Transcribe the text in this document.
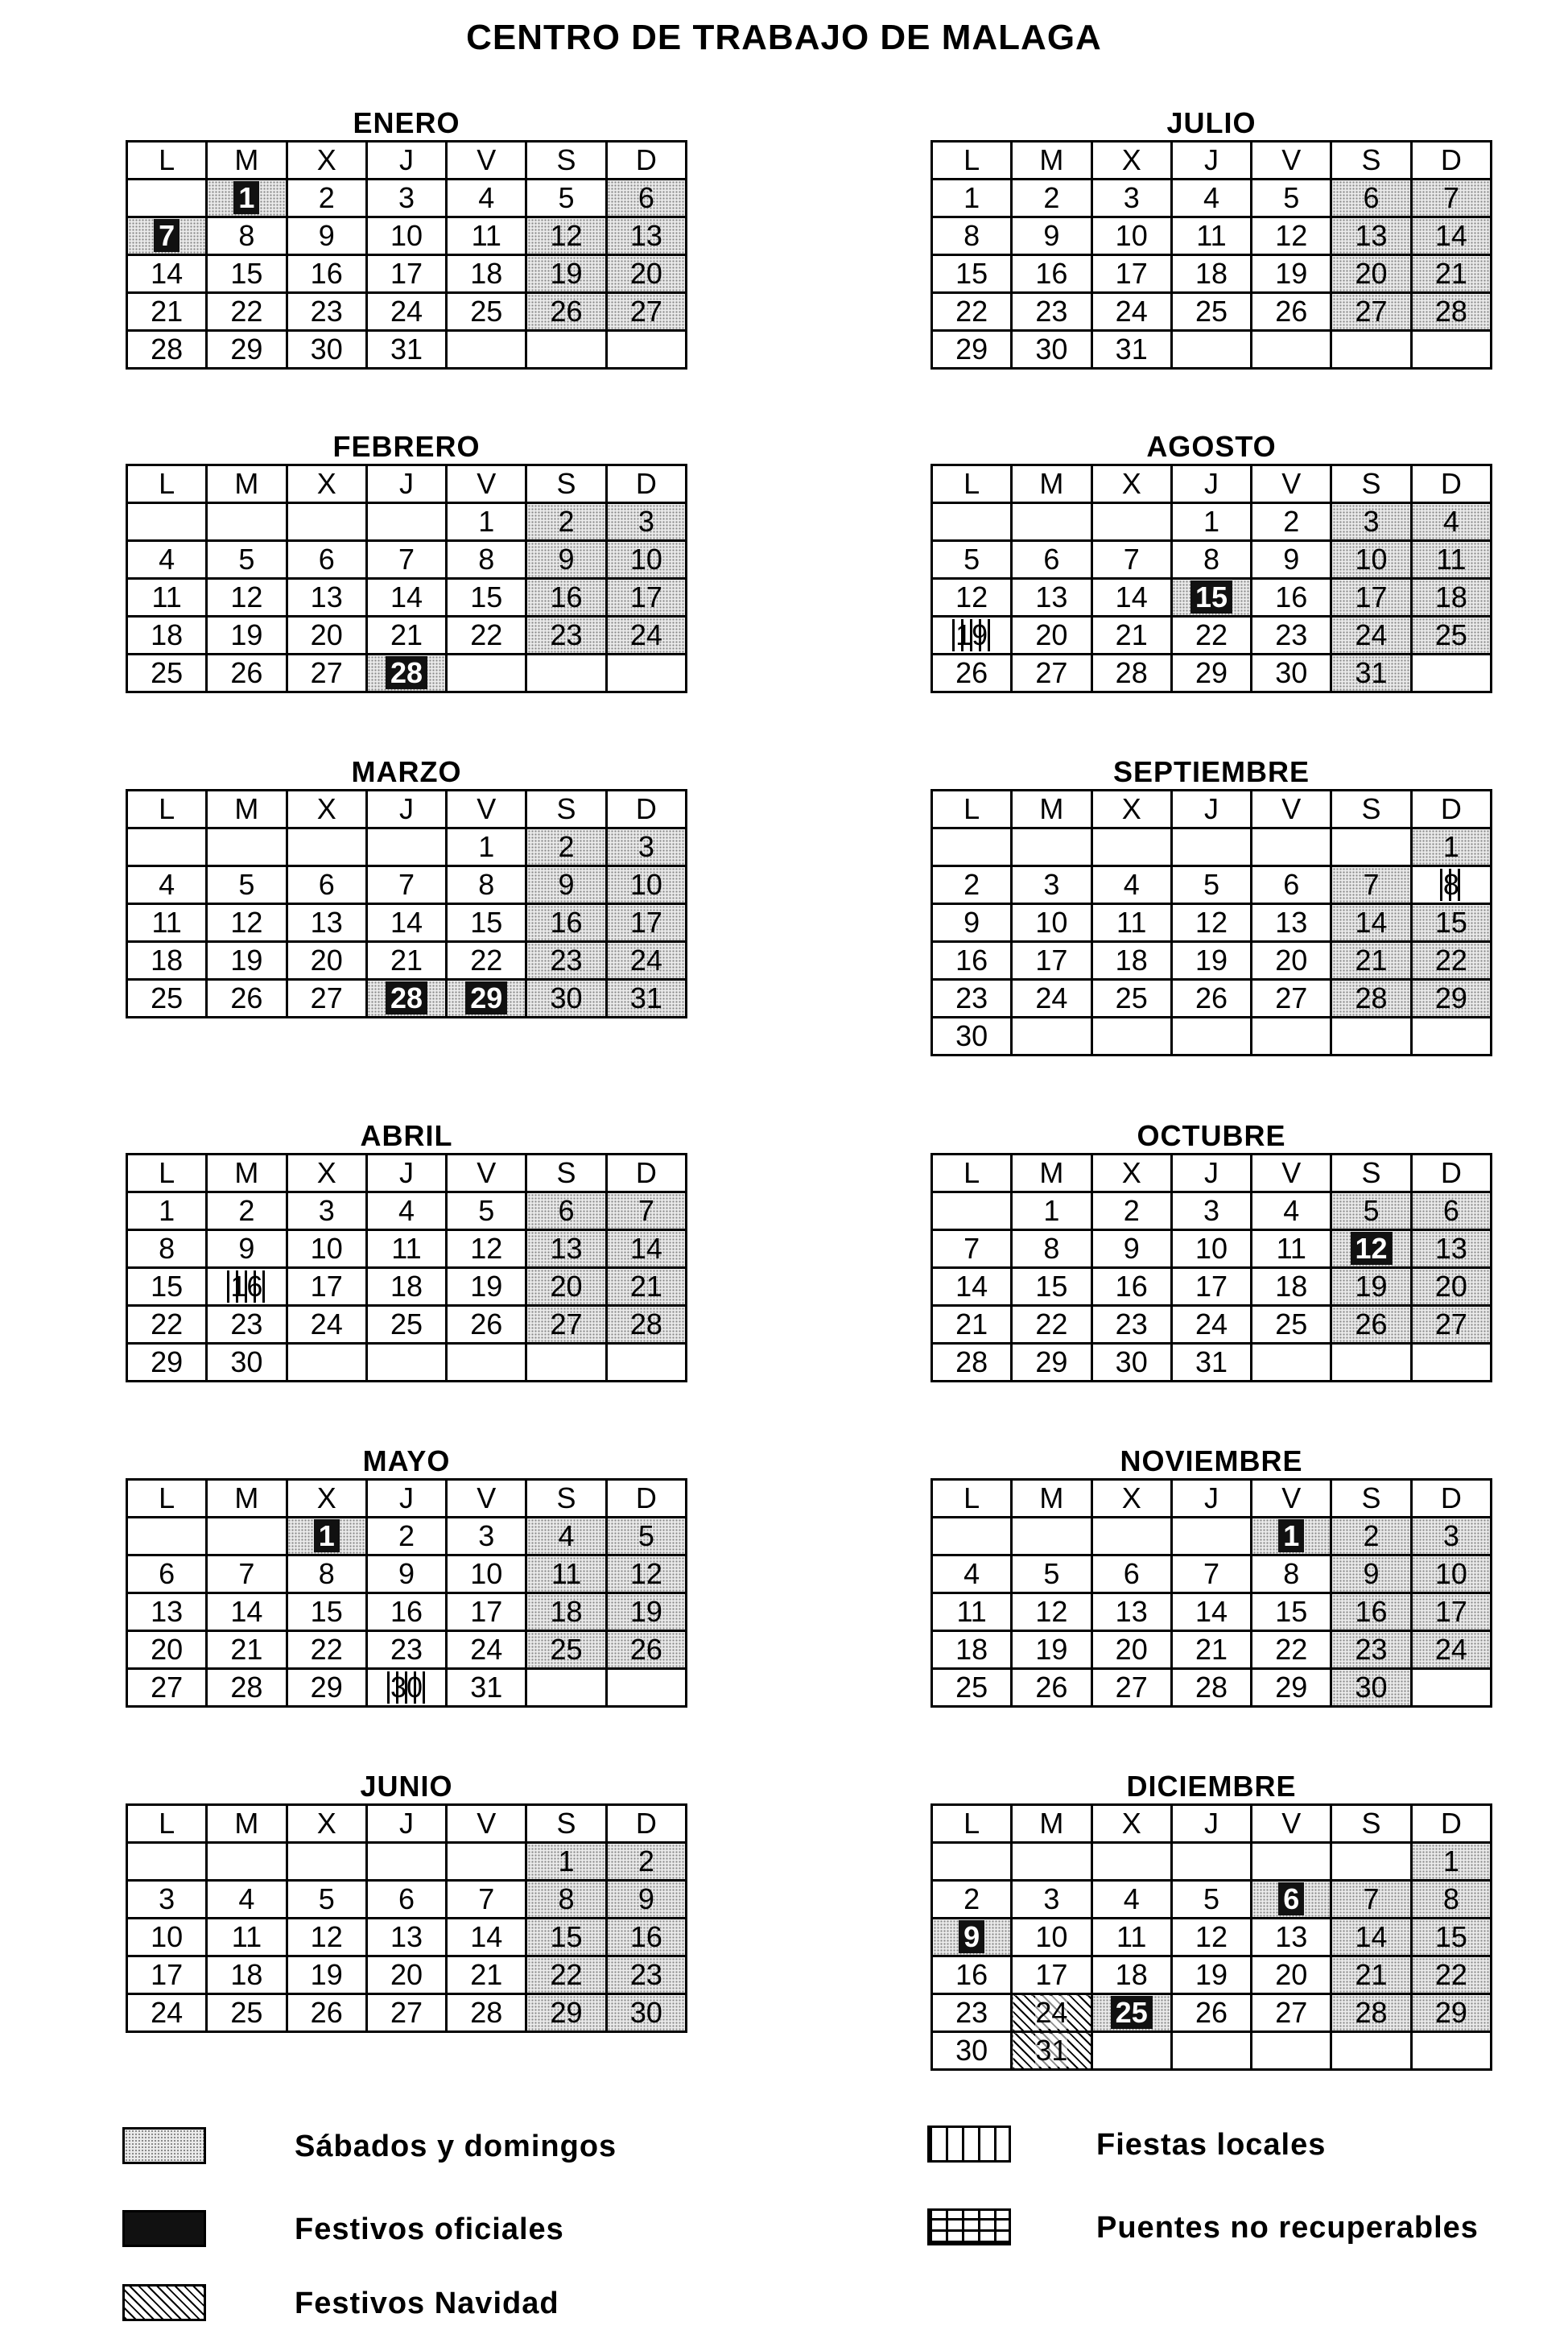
CENTRO DE TRABAJO DE MALAGA
ENERO
L	M	X	J	V	S	D
	1	2	3	4	5	6
7	8	9	10	11	12	13
14	15	16	17	18	19	20
21	22	23	24	25	26	27
28	29	30	31			
FEBRERO
L	M	X	J	V	S	D
				1	2	3
4	5	6	7	8	9	10
11	12	13	14	15	16	17
18	19	20	21	22	23	24
25	26	27	28			
MARZO
L	M	X	J	V	S	D
				1	2	3
4	5	6	7	8	9	10
11	12	13	14	15	16	17
18	19	20	21	22	23	24
25	26	27	28	29	30	31
ABRIL
L	M	X	J	V	S	D
1	2	3	4	5	6	7
8	9	10	11	12	13	14
15	16	17	18	19	20	21
22	23	24	25	26	27	28
29	30					
MAYO
L	M	X	J	V	S	D
		1	2	3	4	5
6	7	8	9	10	11	12
13	14	15	16	17	18	19
20	21	22	23	24	25	26
27	28	29	30	31		
JUNIO
L	M	X	J	V	S	D
					1	2
3	4	5	6	7	8	9
10	11	12	13	14	15	16
17	18	19	20	21	22	23
24	25	26	27	28	29	30
JULIO
L	M	X	J	V	S	D
1	2	3	4	5	6	7
8	9	10	11	12	13	14
15	16	17	18	19	20	21
22	23	24	25	26	27	28
29	30	31				
AGOSTO
L	M	X	J	V	S	D
			1	2	3	4
5	6	7	8	9	10	11
12	13	14	15	16	17	18
19	20	21	22	23	24	25
26	27	28	29	30	31	
SEPTIEMBRE
L	M	X	J	V	S	D
						1
2	3	4	5	6	7	8
9	10	11	12	13	14	15
16	17	18	19	20	21	22
23	24	25	26	27	28	29
30						
OCTUBRE
L	M	X	J	V	S	D
	1	2	3	4	5	6
7	8	9	10	11	12	13
14	15	16	17	18	19	20
21	22	23	24	25	26	27
28	29	30	31			
NOVIEMBRE
L	M	X	J	V	S	D
				1	2	3
4	5	6	7	8	9	10
11	12	13	14	15	16	17
18	19	20	21	22	23	24
25	26	27	28	29	30	
DICIEMBRE
L	M	X	J	V	S	D
						1
2	3	4	5	6	7	8
9	10	11	12	13	14	15
16	17	18	19	20	21	22
23	24	25	26	27	28	29
30	31					
Sábados y domingos
Festivos oficiales
Festivos Navidad
Fiestas locales
Puentes no recuperables
